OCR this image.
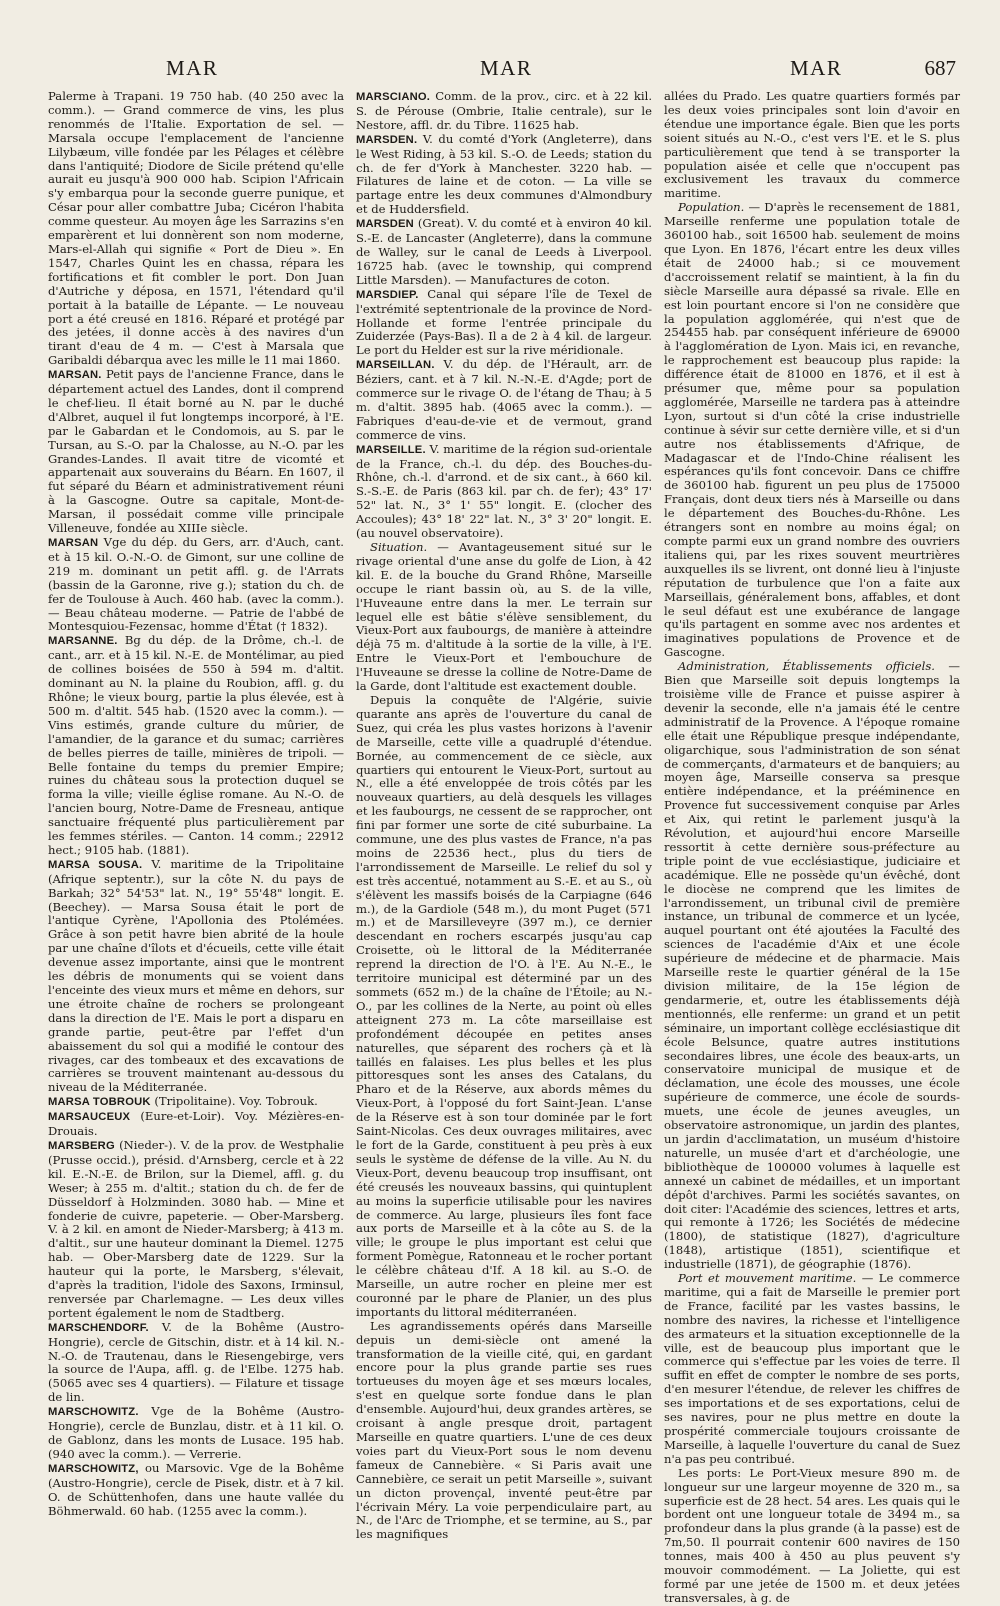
MAR	MAR	MAR	687

Palerme à Trapani. 19 750 hab. (40 250 avec la comm.). — Grand commerce de vins, les plus renommés de l'Italie. Exportation de sel. — Marsala occupe l'emplacement de l'ancienne Lilybæum, ville fondée par les Pélages et célèbre dans l'antiquité; Diodore de Sicile prétend qu'elle aurait eu jusqu'à 900 000 hab. Scipion l'Africain s'y embarqua pour la seconde guerre punique, et César pour aller combattre Juba; Cicéron l'habita comme questeur. Au moyen âge les Sarrazins s'en emparèrent et lui donnèrent son nom moderne, Mars-el-Allah qui signifie « Port de Dieu ». En 1547, Charles Quint les en chassa, répara les fortifications et fit combler le port. Don Juan d'Autriche y déposa, en 1571, l'étendard qu'il portait à la bataille de Lépante. — Le nouveau port a été creusé en 1816. Réparé et protégé par des jetées, il donne accès à des navires d'un tirant d'eau de 4 m. — C'est à Marsala que Garibaldi débarqua avec les mille le 11 mai 1860.

MARSAN. Petit pays de l'ancienne France, dans le département actuel des Landes, dont il comprend le chef-lieu. Il était borné au N. par le duché d'Albret, auquel il fut longtemps incorporé, à l'E. par le Gabardan et le Condomois, au S. par le Tursan, au S.-O. par la Chalosse, au N.-O. par les Grandes-Landes. Il avait titre de vicomté et appartenait aux souverains du Béarn. En 1607, il fut séparé du Béarn et administrativement réuni à la Gascogne. Outre sa capitale, Mont-de-Marsan, il possédait comme ville principale Villeneuve, fondée au XIIIe siècle.

MARSAN Vge du dép. du Gers, arr. d'Auch, cant. et à 15 kil. O.-N.-O. de Gimont, sur une colline de 219 m. dominant un petit affl. g. de l'Arrats (bassin de la Garonne, rive g.); station du ch. de fer de Toulouse à Auch. 460 hab. (avec la comm.). — Beau château moderne. — Patrie de l'abbé de Montesquiou-Fezensac, homme d'État († 1832).

MARSANNE. Bg du dép. de la Drôme, ch.-l. de cant., arr. et à 15 kil. N.-E. de Montélimar, au pied de collines boisées de 550 à 594 m. d'altit. dominant au N. la plaine du Roubion, affl. g. du Rhône; le vieux bourg, partie la plus élevée, est à 500 m. d'altit. 545 hab. (1520 avec la comm.). — Vins estimés, grande culture du mûrier, de l'amandier, de la garance et du sumac; carrières de belles pierres de taille, minières de tripoli. — Belle fontaine du temps du premier Empire; ruines du château sous la protection duquel se forma la ville; vieille église romane. Au N.-O. de l'ancien bourg, Notre-Dame de Fresneau, antique sanctuaire fréquenté plus particulièrement par les femmes stériles. — Canton. 14 comm.; 22912 hect.; 9105 hab. (1881).

MARSA SOUSA. V. maritime de la Tripolitaine (Afrique septentr.), sur la côte N. du pays de Barkah; 32° 54'53" lat. N., 19° 55'48" longit. E. (Beechey). — Marsa Sousa était le port de l'antique Cyrène, l'Apollonia des Ptolémées. Grâce à son petit havre bien abrité de la houle par une chaîne d'îlots et d'écueils, cette ville était devenue assez importante, ainsi que le montrent les débris de monuments qui se voient dans l'enceinte des vieux murs et même en dehors, sur une étroite chaîne de rochers se prolongeant dans la direction de l'E. Mais le port a disparu en grande partie, peut-être par l'effet d'un abaissement du sol qui a modifié le contour des rivages, car des tombeaux et des excavations de carrières se trouvent maintenant au-dessous du niveau de la Méditerranée.

MARSA TOBROUK (Tripolitaine). Voy. Tobrouk.

MARSAUCEUX (Eure-et-Loir). Voy. Mézières-en-Drouais.

MARSBERG (Nieder-). V. de la prov. de Westphalie (Prusse occid.), présid. d'Arnsberg, cercle et à 22 kil. E.-N.-E. de Brilon, sur la Diemel, affl. g. du Weser; à 255 m. d'altit.; station du ch. de fer de Düsseldorf à Holzminden. 3080 hab. — Mine et fonderie de cuivre, papeterie. — Ober-Marsberg. V. à 2 kil. en amont de Nieder-Marsberg; à 413 m. d'altit., sur une hauteur dominant la Diemel. 1275 hab. — Ober-Marsberg date de 1229. Sur la hauteur qui la porte, le Marsberg, s'élevait, d'après la tradition, l'idole des Saxons, Irminsul, renversée par Charlemagne. — Les deux villes portent également le nom de Stadtberg.

MARSCHENDORF. V. de la Bohême (Austro-Hongrie), cercle de Gitschin, distr. et à 14 kil. N.-N.-O. de Trautenau, dans le Riesengebirge, vers la source de l'Aupa, affl. g. de l'Elbe. 1275 hab. (5065 avec ses 4 quartiers). — Filature et tissage de lin.

MARSCHOWITZ. Vge de la Bohême (Austro-Hongrie), cercle de Bunzlau, distr. et à 11 kil. O. de Gablonz, dans les monts de Lusace. 195 hab. (940 avec la comm.). — Verrerie.

MARSCHOWITZ, ou Marsovic. Vge de la Bohême (Austro-Hongrie), cercle de Pisek, distr. et à 7 kil. O. de Schüttenhofen, dans une haute vallée du Böhmerwald. 60 hab. (1255 avec la comm.).

MARSCIANO. Comm. de la prov., circ. et à 22 kil. S. de Pérouse (Ombrie, Italie centrale), sur le Nestore, affl. dr. du Tibre. 11625 hab.

MARSDEN. V. du comté d'York (Angleterre), dans le West Riding, à 53 kil. S.-O. de Leeds; station du ch. de fer d'York à Manchester. 3220 hab. — Filatures de laine et de coton. — La ville se partage entre les deux communes d'Almondbury et de Huddersfield.

MARSDEN (Great). V. du comté et à environ 40 kil. S.-E. de Lancaster (Angleterre), dans la commune de Walley, sur le canal de Leeds à Liverpool. 16725 hab. (avec le township, qui comprend Little Marsden). — Manufactures de coton.

MARSDIEP. Canal qui sépare l'île de Texel de l'extrémité septentrionale de la province de Nord-Hollande et forme l'entrée principale du Zuiderzée (Pays-Bas). Il a de 2 à 4 kil. de largeur. Le port du Helder est sur la rive méridionale.

MARSEILLAN. V. du dép. de l'Hérault, arr. de Béziers, cant. et à 7 kil. N.-N.-E. d'Agde; port de commerce sur le rivage O. de l'étang de Thau; à 5 m. d'altit. 3895 hab. (4065 avec la comm.). — Fabriques d'eau-de-vie et de vermout, grand commerce de vins.

MARSEILLE. V. maritime de la région sud-orientale de la France, ch.-l. du dép. des Bouches-du-Rhône, ch.-l. d'arrond. et de six cant., à 660 kil. S.-S.-E. de Paris (863 kil. par ch. de fer); 43° 17' 52" lat. N., 3° 1' 55" longit. E. (clocher des Accoules); 43° 18' 22" lat. N., 3° 3' 20" longit. E. (au nouvel observatoire).

Situation. — Avantageusement situé sur le rivage oriental d'une anse du golfe de Lion, à 42 kil. E. de la bouche du Grand Rhône, Marseille occupe le riant bassin où, au S. de la ville, l'Huveaune entre dans la mer. Le terrain sur lequel elle est bâtie s'élève sensiblement, du Vieux-Port aux faubourgs, de manière à atteindre déjà 75 m. d'altitude à la sortie de la ville, à l'E. Entre le Vieux-Port et l'embouchure de l'Huveaune se dresse la colline de Notre-Dame de la Garde, dont l'altitude est exactement double.

Depuis la conquête de l'Algérie, suivie quarante ans après de l'ouverture du canal de Suez, qui créa les plus vastes horizons à l'avenir de Marseille, cette ville a quadruplé d'étendue. Bornée, au commencement de ce siècle, aux quartiers qui entourent le Vieux-Port, surtout au N., elle a été enveloppée de trois côtés par les nouveaux quartiers, au delà desquels les villages et les faubourgs, ne cessent de se rapprocher, ont fini par former une sorte de cité suburbaine. La commune, une des plus vastes de France, n'a pas moins de 22536 hect., plus du tiers de l'arrondissement de Marseille. Le relief du sol y est très accentué, notamment au S.-E. et au S., où s'élèvent les massifs boisés de la Carpiagne (646 m.), de la Gardiole (548 m.), du mont Puget (571 m.) et de Marsilleveyre (397 m.), ce dernier descendant en rochers escarpés jusqu'au cap Croisette, où le littoral de la Méditerranée reprend la direction de l'O. à l'E. Au N.-E., le territoire municipal est déterminé par un des sommets (652 m.) de la chaîne de l'Étoile; au N.-O., par les collines de la Nerte, au point où elles atteignent 273 m. La côte marseillaise est profondément découpée en petites anses naturelles, que séparent des rochers çà et là taillés en falaises. Les plus belles et les plus pittoresques sont les anses des Catalans, du Pharo et de la Réserve, aux abords mêmes du Vieux-Port, à l'opposé du fort Saint-Jean. L'anse de la Réserve est à son tour dominée par le fort Saint-Nicolas. Ces deux ouvrages militaires, avec le fort de la Garde, constituent à peu près à eux seuls le système de défense de la ville. Au N. du Vieux-Port, devenu beaucoup trop insuffisant, ont été creusés les nouveaux bassins, qui quintuplent au moins la superficie utilisable pour les navires de commerce. Au large, plusieurs îles font face aux ports de Marseille et à la côte au S. de la ville; le groupe le plus important est celui que forment Pomègue, Ratonneau et le rocher portant le célèbre château d'If. A 18 kil. au S.-O. de Marseille, un autre rocher en pleine mer est couronné par le phare de Planier, un des plus importants du littoral méditerranéen.

Les agrandissements opérés dans Marseille depuis un demi-siècle ont amené la transformation de la vieille cité, qui, en gardant encore pour la plus grande partie ses rues tortueuses du moyen âge et ses mœurs locales, s'est en quelque sorte fondue dans le plan d'ensemble. Aujourd'hui, deux grandes artères, se croisant à angle presque droit, partagent Marseille en quatre quartiers. L'une de ces deux voies part du Vieux-Port sous le nom devenu fameux de Cannebière. « Si Paris avait une Cannebière, ce serait un petit Marseille », suivant un dicton provençal, inventé peut-être par l'écrivain Méry. La voie perpendiculaire part, au N., de l'Arc de Triomphe, et se termine, au S., par les magnifiques

allées du Prado. Les quatre quartiers formés par les deux voies principales sont loin d'avoir en étendue une importance égale. Bien que les ports soient situés au N.-O., c'est vers l'E. et le S. plus particulièrement que tend à se transporter la population aisée et celle que n'occupent pas exclusivement les travaux du commerce maritime.

Population. — D'après le recensement de 1881, Marseille renferme une population totale de 360100 hab., soit 16500 hab. seulement de moins que Lyon. En 1876, l'écart entre les deux villes était de 24000 hab.; si ce mouvement d'accroissement relatif se maintient, à la fin du siècle Marseille aura dépassé sa rivale. Elle en est loin pourtant encore si l'on ne considère que la population agglomérée, qui n'est que de 254455 hab. par conséquent inférieure de 69000 à l'agglomération de Lyon. Mais ici, en revanche, le rapprochement est beaucoup plus rapide: la différence était de 81000 en 1876, et il est à présumer que, même pour sa population agglomérée, Marseille ne tardera pas à atteindre Lyon, surtout si d'un côté la crise industrielle continue à sévir sur cette dernière ville, et si d'un autre nos établissements d'Afrique, de Madagascar et de l'Indo-Chine réalisent les espérances qu'ils font concevoir. Dans ce chiffre de 360100 hab. figurent un peu plus de 175000 Français, dont deux tiers nés à Marseille ou dans le département des Bouches-du-Rhône. Les étrangers sont en nombre au moins égal; on compte parmi eux un grand nombre des ouvriers italiens qui, par les rixes souvent meurtrières auxquelles ils se livrent, ont donné lieu à l'injuste réputation de turbulence que l'on a faite aux Marseillais, généralement bons, affables, et dont le seul défaut est une exubérance de langage qu'ils partagent en somme avec nos ardentes et imaginatives populations de Provence et de Gascogne.

Administration, Établissements officiels. — Bien que Marseille soit depuis longtemps la troisième ville de France et puisse aspirer à devenir la seconde, elle n'a jamais été le centre administratif de la Provence. A l'époque romaine elle était une République presque indépendante, oligarchique, sous l'administration de son sénat de commerçants, d'armateurs et de banquiers; au moyen âge, Marseille conserva sa presque entière indépendance, et la prééminence en Provence fut successivement conquise par Arles et Aix, qui retint le parlement jusqu'à la Révolution, et aujourd'hui encore Marseille ressortit à cette dernière sous-préfecture au triple point de vue ecclésiastique, judiciaire et académique. Elle ne possède qu'un évêché, dont le diocèse ne comprend que les limites de l'arrondissement, un tribunal civil de première instance, un tribunal de commerce et un lycée, auquel pourtant ont été ajoutées la Faculté des sciences de l'académie d'Aix et une école supérieure de médecine et de pharmacie. Mais Marseille reste le quartier général de la 15e division militaire, de la 15e légion de gendarmerie, et, outre les établissements déjà mentionnés, elle renferme: un grand et un petit séminaire, un important collège ecclésiastique dit école Belsunce, quatre autres institutions secondaires libres, une école des beaux-arts, un conservatoire municipal de musique et de déclamation, une école des mousses, une école supérieure de commerce, une école de sourds-muets, une école de jeunes aveugles, un observatoire astronomique, un jardin des plantes, un jardin d'acclimatation, un muséum d'histoire naturelle, un musée d'art et d'archéologie, une bibliothèque de 100000 volumes à laquelle est annexé un cabinet de médailles, et un important dépôt d'archives. Parmi les sociétés savantes, on doit citer: l'Académie des sciences, lettres et arts, qui remonte à 1726; les Sociétés de médecine (1800), de statistique (1827), d'agriculture (1848), artistique (1851), scientifique et industrielle (1871), de géographie (1876).

Port et mouvement maritime. — Le commerce maritime, qui a fait de Marseille le premier port de France, facilité par les vastes bassins, le nombre des navires, la richesse et l'intelligence des armateurs et la situation exceptionnelle de la ville, est de beaucoup plus important que le commerce qui s'effectue par les voies de terre. Il suffit en effet de compter le nombre de ses ports, d'en mesurer l'étendue, de relever les chiffres de ses importations et de ses exportations, celui de ses navires, pour ne plus mettre en doute la prospérité commerciale toujours croissante de Marseille, à laquelle l'ouverture du canal de Suez n'a pas peu contribué.

Les ports: Le Port-Vieux mesure 890 m. de longueur sur une largeur moyenne de 320 m., sa superficie est de 28 hect. 54 ares. Les quais qui le bordent ont une longueur totale de 3494 m., sa profondeur dans la plus grande (à la passe) est de 7m,50. Il pourrait contenir 600 navires de 150 tonnes, mais 400 à 450 au plus peuvent s'y mouvoir commodément. — La Joliette, qui est formé par une jetée de 1500 m. et deux jetées transversales, à g. de
